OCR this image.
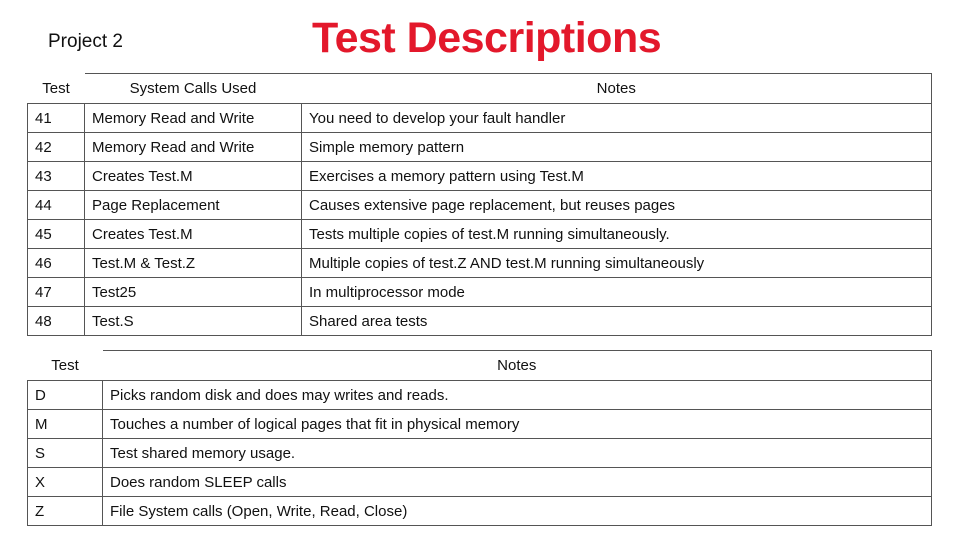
Project 2	Test Descriptions
Test	System Calls Used	Notes
41	Memory Read and Write	You need to develop your fault handler
42	Memory Read and Write	Simple memory pattern
43	Creates Test.M	Exercises a memory pattern using Test.M
44	Page Replacement	Causes extensive page replacement, but reuses pages
45	Creates Test.M	Tests multiple copies of test.M running simultaneously.
46	Test.M & Test.Z	Multiple copies of test.Z AND test.M running simultaneously
47	Test25	In multiprocessor mode
48	Test.S	Shared area tests
Test	Notes
D	Picks random disk and does may writes and reads.
M	Touches a number of logical pages that fit in physical memory
S	Test shared memory usage.
X	Does random SLEEP calls
Z	File System calls (Open, Write, Read, Close)
